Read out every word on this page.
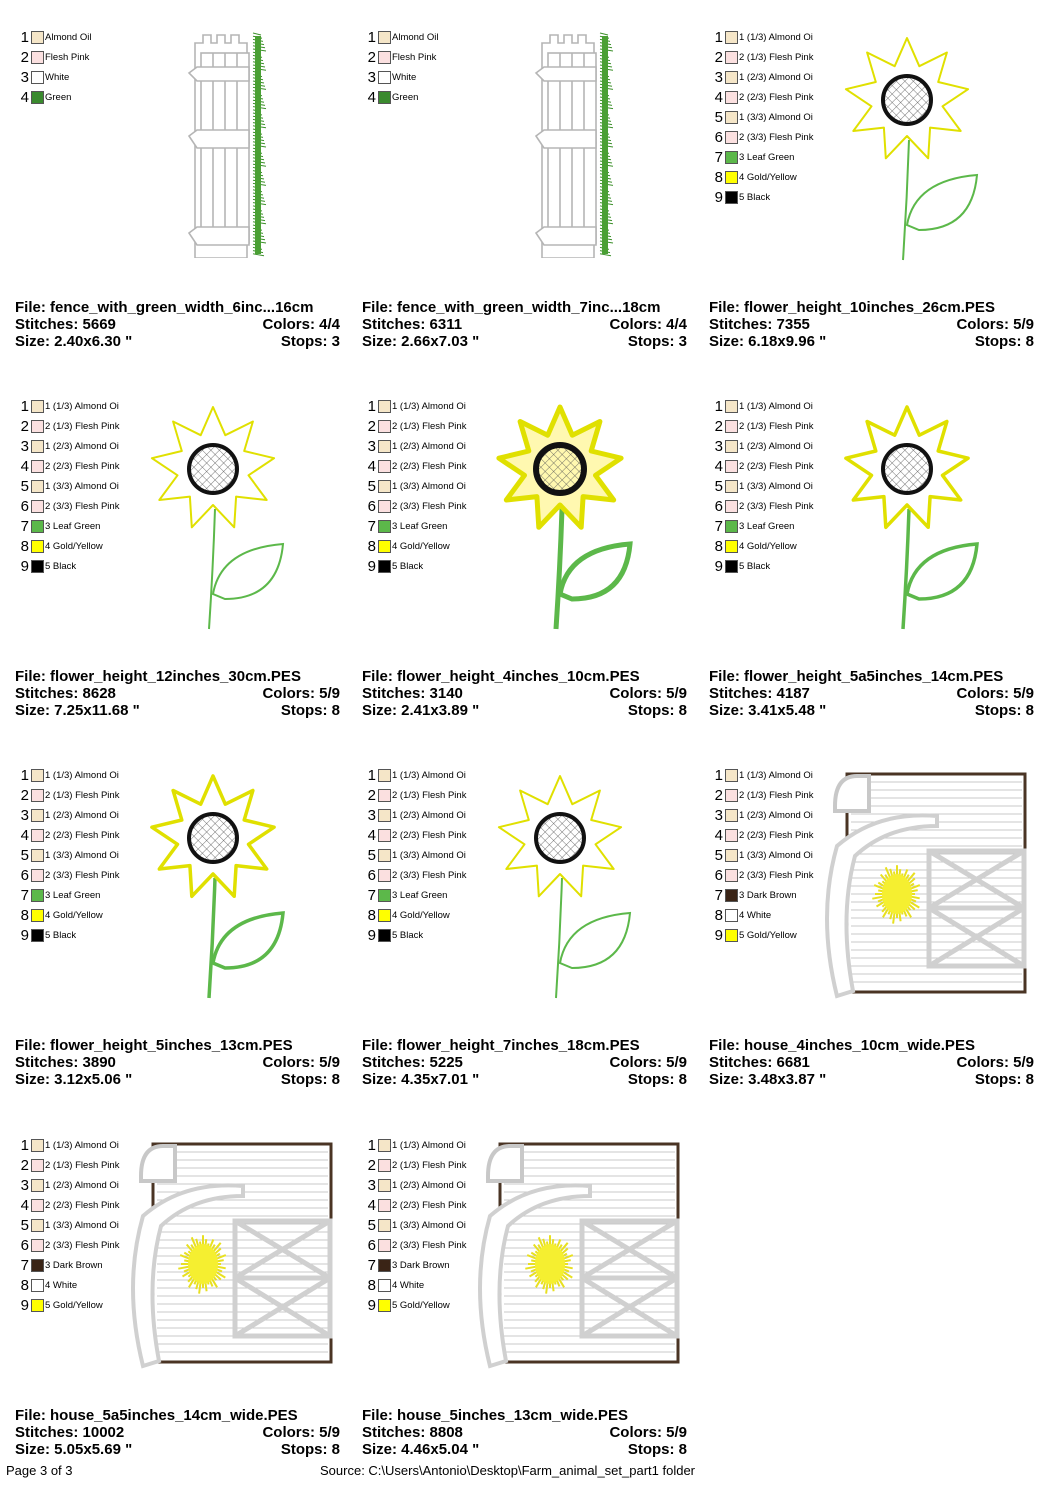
1 Almond Oil
2 Flesh Pink
3 White
4 Green
File: fence_with_green_width_6inc...16cm
Stitches: 5669	Colors: 4/4
Size: 2.40x6.30 "	Stops: 3
1 Almond Oil
2 Flesh Pink
3 White
4 Green
File: fence_with_green_width_7inc...18cm
Stitches: 6311	Colors: 4/4
Size: 2.66x7.03 "	Stops: 3
1 1 (1/3) Almond Oi
2 2 (1/3) Flesh Pink
3 1 (2/3) Almond Oi
4 2 (2/3) Flesh Pink
5 1 (3/3) Almond Oi
6 2 (3/3) Flesh Pink
7 3 Leaf Green
8 4 Gold/Yellow
9 5 Black
File: flower_height_10inches_26cm.PES
Stitches: 7355	Colors: 5/9
Size: 6.18x9.96 "	Stops: 8
1 1 (1/3) Almond Oi
2 2 (1/3) Flesh Pink
3 1 (2/3) Almond Oi
4 2 (2/3) Flesh Pink
5 1 (3/3) Almond Oi
6 2 (3/3) Flesh Pink
7 3 Leaf Green
8 4 Gold/Yellow
9 5 Black
File: flower_height_12inches_30cm.PES
Stitches: 8628	Colors: 5/9
Size: 7.25x11.68 "	Stops: 8
1 1 (1/3) Almond Oi
2 2 (1/3) Flesh Pink
3 1 (2/3) Almond Oi
4 2 (2/3) Flesh Pink
5 1 (3/3) Almond Oi
6 2 (3/3) Flesh Pink
7 3 Leaf Green
8 4 Gold/Yellow
9 5 Black
File: flower_height_4inches_10cm.PES
Stitches: 3140	Colors: 5/9
Size: 2.41x3.89 "	Stops: 8
1 1 (1/3) Almond Oi
2 2 (1/3) Flesh Pink
3 1 (2/3) Almond Oi
4 2 (2/3) Flesh Pink
5 1 (3/3) Almond Oi
6 2 (3/3) Flesh Pink
7 3 Leaf Green
8 4 Gold/Yellow
9 5 Black
File: flower_height_5a5inches_14cm.PES
Stitches: 4187	Colors: 5/9
Size: 3.41x5.48 "	Stops: 8
1 1 (1/3) Almond Oi
2 2 (1/3) Flesh Pink
3 1 (2/3) Almond Oi
4 2 (2/3) Flesh Pink
5 1 (3/3) Almond Oi
6 2 (3/3) Flesh Pink
7 3 Leaf Green
8 4 Gold/Yellow
9 5 Black
File: flower_height_5inches_13cm.PES
Stitches: 3890	Colors: 5/9
Size: 3.12x5.06 "	Stops: 8
1 1 (1/3) Almond Oi
2 2 (1/3) Flesh Pink
3 1 (2/3) Almond Oi
4 2 (2/3) Flesh Pink
5 1 (3/3) Almond Oi
6 2 (3/3) Flesh Pink
7 3 Leaf Green
8 4 Gold/Yellow
9 5 Black
File: flower_height_7inches_18cm.PES
Stitches: 5225	Colors: 5/9
Size: 4.35x7.01 "	Stops: 8
1 1 (1/3) Almond Oi
2 2 (1/3) Flesh Pink
3 1 (2/3) Almond Oi
4 2 (2/3) Flesh Pink
5 1 (3/3) Almond Oi
6 2 (3/3) Flesh Pink
7 3 Dark Brown
8 4 White
9 5 Gold/Yellow
File: house_4inches_10cm_wide.PES
Stitches: 6681	Colors: 5/9
Size: 3.48x3.87 "	Stops: 8
1 1 (1/3) Almond Oi
2 2 (1/3) Flesh Pink
3 1 (2/3) Almond Oi
4 2 (2/3) Flesh Pink
5 1 (3/3) Almond Oi
6 2 (3/3) Flesh Pink
7 3 Dark Brown
8 4 White
9 5 Gold/Yellow
File: house_5a5inches_14cm_wide.PES
Stitches: 10002	Colors: 5/9
Size: 5.05x5.69 "	Stops: 8
1 1 (1/3) Almond Oi
2 2 (1/3) Flesh Pink
3 1 (2/3) Almond Oi
4 2 (2/3) Flesh Pink
5 1 (3/3) Almond Oi
6 2 (3/3) Flesh Pink
7 3 Dark Brown
8 4 White
9 5 Gold/Yellow
File: house_5inches_13cm_wide.PES
Stitches: 8808	Colors: 5/9
Size: 4.46x5.04 "	Stops: 8
Page 3 of 3	Source: C:\Users\Antonio\Desktop\Farm_animal_set_part1 folder
